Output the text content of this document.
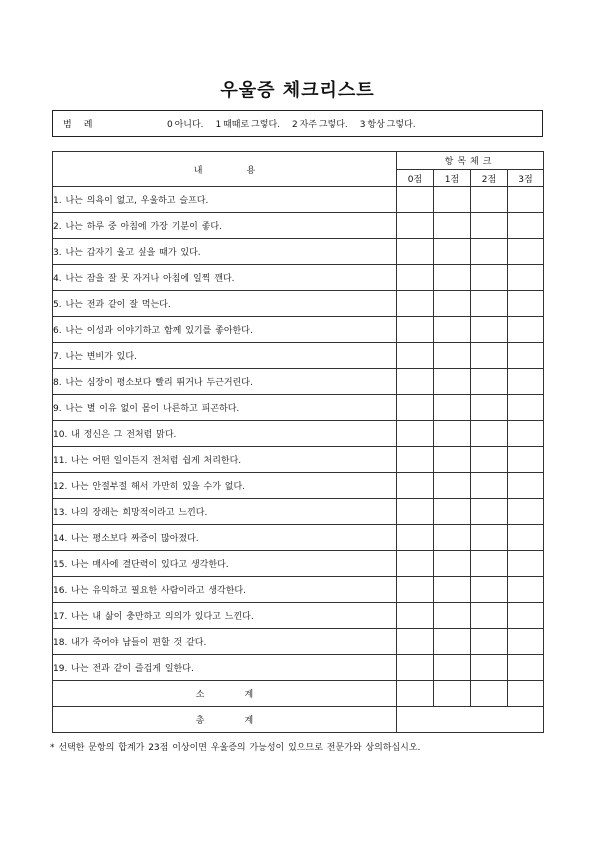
우울증 체크리스트
범례	0 아니다. 1 때때로 그렇다. 2 자주 그렇다. 3 항상 그렇다.
내용	항목체크			
	0점	1점	2점	3점
1. 나는 의욕이 없고, 우울하고 슬프다.				
2. 나는 하루 중 아침에 가장 기분이 좋다.				
3. 나는 갑자기 울고 싶을 때가 있다.				
4. 나는 잠을 잘 못 자거나 아침에 일찍 깬다.				
5. 나는 전과 같이 잘 먹는다.				
6. 나는 이성과 이야기하고 함께 있기를 좋아한다.				
7. 나는 변비가 있다.				
8. 나는 심장이 평소보다 빨리 뛰거나 두근거린다.				
9. 나는 별 이유 없이 몸이 나른하고 피곤하다.				
10. 내 정신은 그 전처럼 맑다.				
11. 나는 어떤 일이든지 전처럼 쉽게 처리한다.				
12. 나는 안절부절 해서 가만히 있을 수가 없다.				
13. 나의 장래는 희망적이라고 느낀다.				
14. 나는 평소보다 짜증이 많아졌다.				
15. 나는 매사에 결단력이 있다고 생각한다.				
16. 나는 유익하고 필요한 사람이라고 생각한다.				
17. 나는 내 삶이 충만하고 의의가 있다고 느낀다.				
18. 내가 죽어야 남들이 편할 것 같다.				
19. 나는 전과 같이 즐겁게 일한다.				
소계				
총계				
* 선택한 문항의 합계가 23점 이상이면 우울증의 가능성이 있으므로 전문가와 상의하십시오.
